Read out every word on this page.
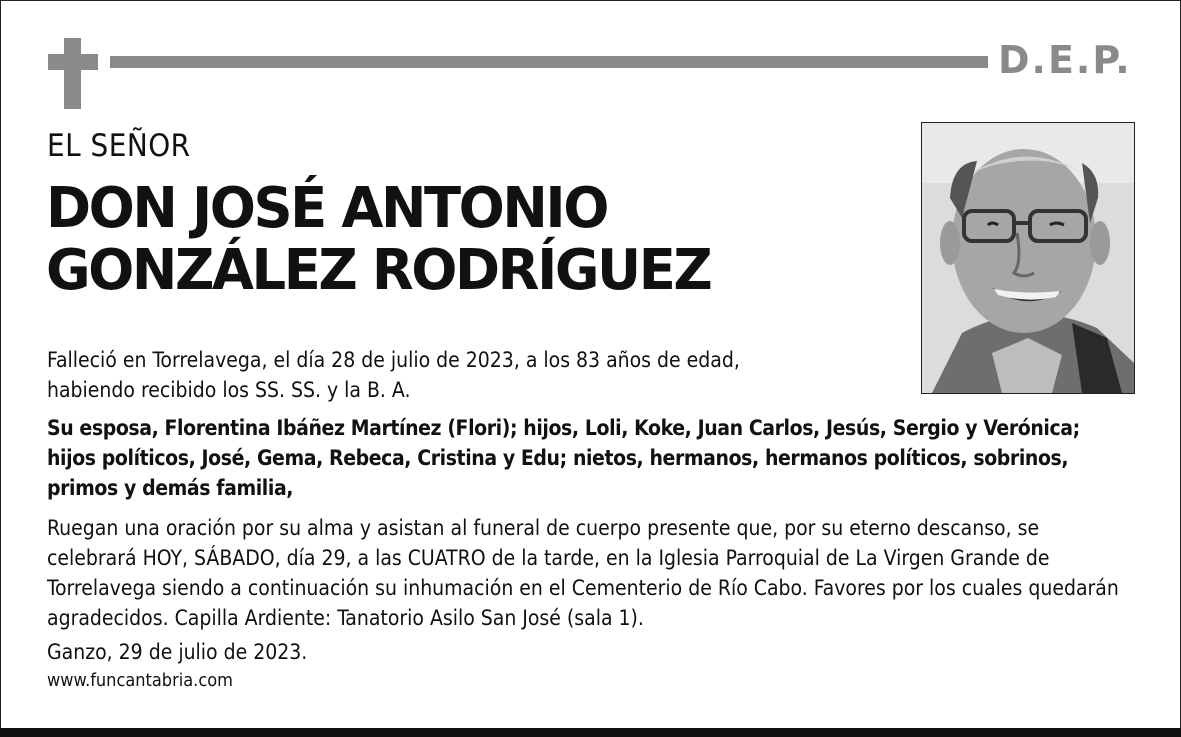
D.E.P.
EL SEÑOR
DON JOSÉ ANTONIO
GONZÁLEZ RODRÍGUEZ
Falleció en Torrelavega, el día 28 de julio de 2023, a los 83 años de edad,
habiendo recibido los SS. SS. y la B. A.
Su esposa, Florentina Ibáñez Martínez (Flori); hijos, Loli, Koke, Juan Carlos, Jesús, Sergio y Verónica; hijos políticos, José, Gema, Rebeca, Cristina y Edu; nietos, hermanos, hermanos políticos, sobrinos, primos y demás familia,
Ruegan una oración por su alma y asistan al funeral de cuerpo presente que, por su eterno descanso, se celebrará HOY, SÁBADO, día 29, a las CUATRO de la tarde, en la Iglesia Parroquial de La Virgen Grande de Torrelavega siendo a continuación su inhumación en el Cementerio de Río Cabo. Favores por los cuales quedarán agradecidos. Capilla Ardiente: Tanatorio Asilo San José (sala 1).
Ganzo, 29 de julio de 2023.
www.funcantabria.com
